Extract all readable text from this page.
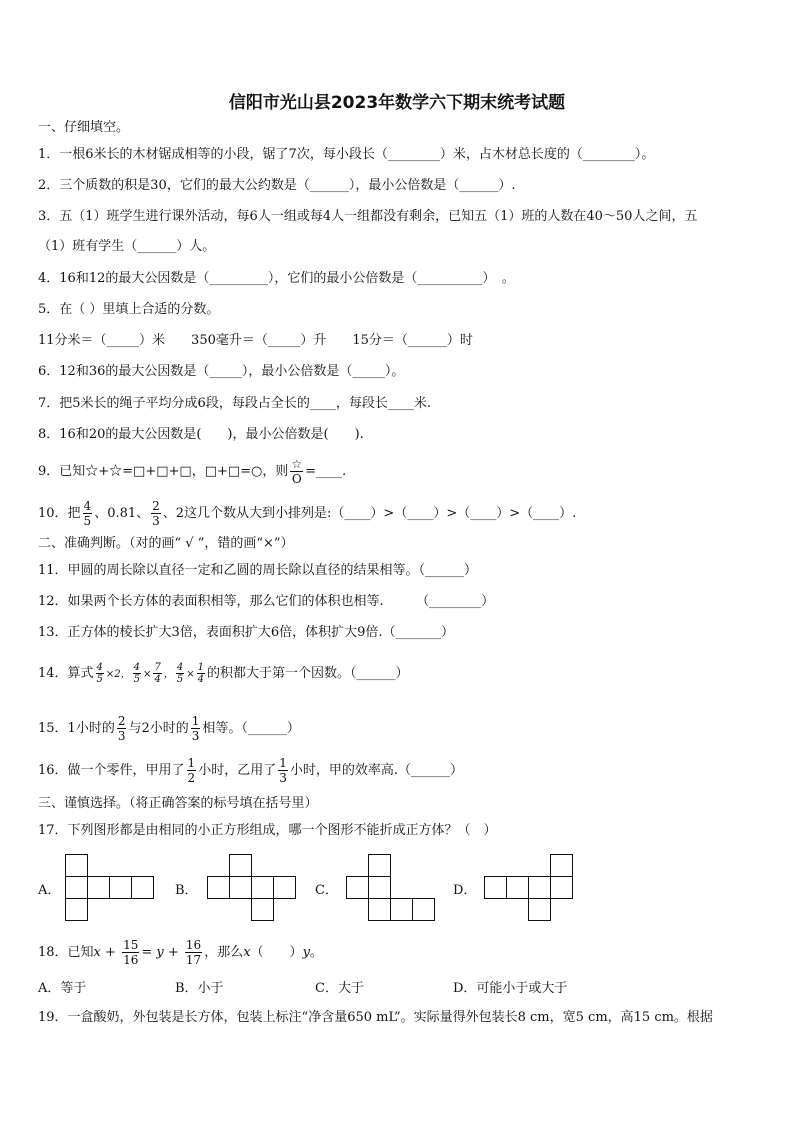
信阳市光山县2023年数学六下期末统考试题
一、仔细填空。
1．一根6米长的木材锯成相等的小段，锯了7次，每小段长（________）米，占木材总长度的（________）。
2．三个质数的积是30，它们的最大公约数是（______），最小公倍数是（______）.
3．五（1）班学生进行课外活动，每6人一组或每4人一组都没有剩余，已知五（1）班的人数在40～50人之间，五
（1）班有学生（______）人。
4．16和12的最大公因数是（_________），它们的最小公倍数是（__________）　。
5．在（ ）里填上合适的分数。
11分米＝（_____）米　　350毫升＝（_____）升　　15分＝（______）时
6．12和36的最大公因数是（_____），最小公倍数是（_____）。
7．把5米长的绳子平均分成6段，每段占全长的____，每段长____米.
8．16和20的最大公因数是(　　)，最小公倍数是(　　).
9．已知☆+☆=□+□+□，□+□=○，则 $\frac{☆}{O}$ =____.
10．把 $\frac{4}{5}$ 、0.81、 $\frac{2}{3}$ 、2这几个数从大到小排列是:（____）>（____）>（____）>（____）.
二、准确判断。（对的画“ √ ”，错的画“×”）
11．甲圆的周长除以直径一定和乙圆的周长除以直径的结果相等。（______）
12．如果两个长方体的表面积相等，那么它们的体积也相等.　　　（________）
13．正方体的棱长扩大3倍，表面积扩大6倍，体积扩大9倍.（_______）
14．算式 $\frac{4}{5} \times 2$， $\frac{4}{5} \times \frac{7}{4}$ ， $\frac{4}{5} \times \frac{1}{4}$ 的积都大于第一个因数。（______）
15．1小时的 $\frac{2}{3}$ 与2小时的 $\frac{1}{3}$ 相等。（______）
16．做一个零件，甲用了 $\frac{1}{2}$ 小时，乙用了 $\frac{1}{3}$ 小时，甲的效率高.（______）
三、谨慎选择。（将正确答案的标号填在括号里）
17．下列图形都是由相同的小正方形组成，哪一个图形不能折成正方体？（　）
A．	B．	C．	D．
18．已知$x + \frac{15}{16} = y + \frac{16}{17}$ ，那么x（　　）y。
A．等于	B．小于	C．大于	D．可能小于或大于
19．一盒酸奶，外包装是长方体，包装上标注“净含量650 mL”。实际量得外包装长8 cm，宽5 cm，高15 cm。根据
